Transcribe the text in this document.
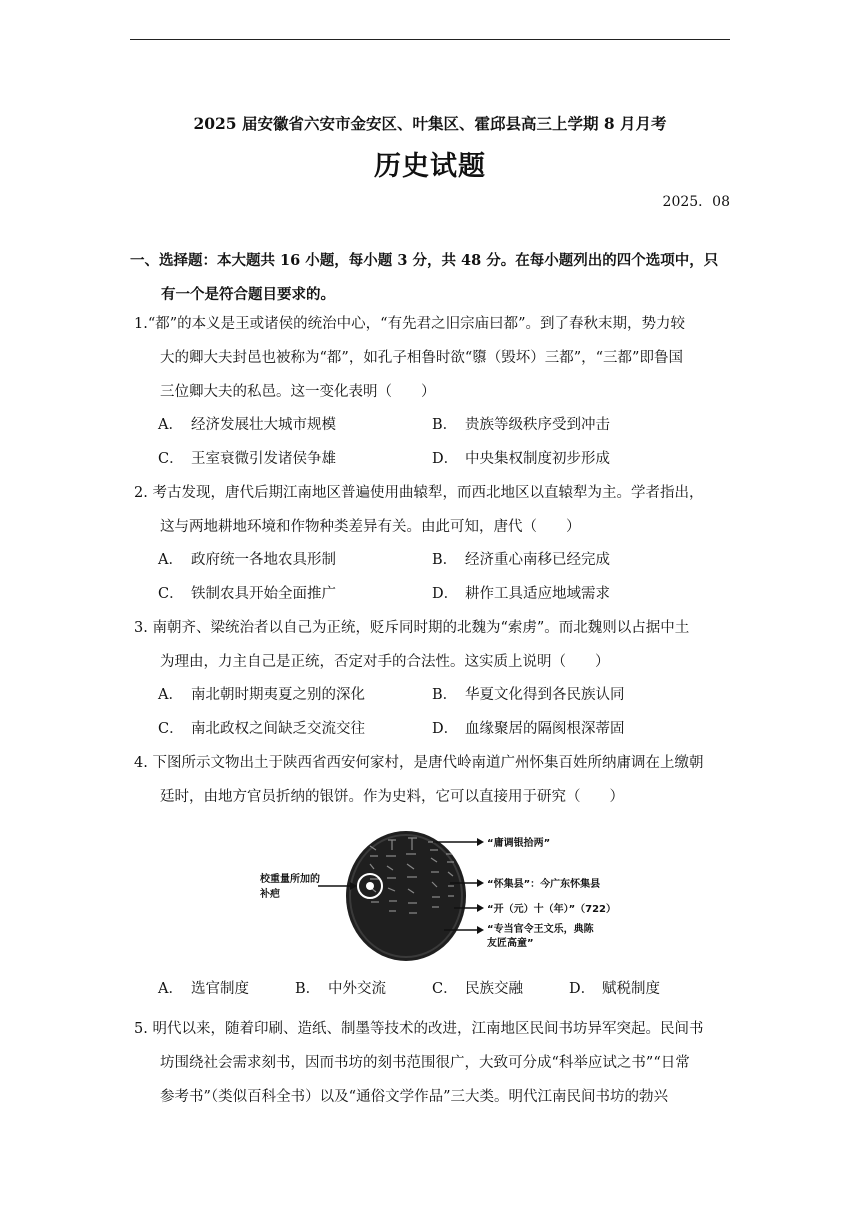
2025 届安徽省六安市金安区、叶集区、霍邱县高三上学期 8 月月考
历史试题
2025．08
一、选择题：本大题共 16 小题，每小题 3 分，共 48 分。在每小题列出的四个选项中，只
有一个是符合题目要求的。
1.“都”的本义是王或诸侯的统治中心，“有先君之旧宗庙曰都”。到了春秋末期，势力较
大的卿大夫封邑也被称为“都”，如孔子相鲁时欲“隳（毁坏）三都”，“三都”即鲁国
三位卿大夫的私邑。这一变化表明（　　）
A． 经济发展壮大城市规模	B． 贵族等级秩序受到冲击
C． 王室衰微引发诸侯争雄	D． 中央集权制度初步形成
2. 考古发现，唐代后期江南地区普遍使用曲辕犁，而西北地区以直辕犁为主。学者指出，
这与两地耕地环境和作物种类差异有关。由此可知，唐代（　　）
A． 政府统一各地农具形制	B． 经济重心南移已经完成
C． 铁制农具开始全面推广	D． 耕作工具适应地域需求
3. 南朝齐、梁统治者以自己为正统，贬斥同时期的北魏为“索虏”。而北魏则以占据中土
为理由，力主自己是正统，否定对手的合法性。这实质上说明（　　）
A． 南北朝时期夷夏之别的深化	B． 华夏文化得到各民族认同
C． 南北政权之间缺乏交流交往	D． 血缘聚居的隔阂根深蒂固
4. 下图所示文物出土于陕西省西安何家村，是唐代岭南道广州怀集百姓所纳庸调在上缴朝
廷时，由地方官员折纳的银饼。作为史料，它可以直接用于研究（　　）
校重量所加的
补疤
“庸调银拾两”
“怀集县”：今广东怀集县
“开（元）十（年）”（722）
“专当官令王文乐，典陈
友匠高童”
A． 选官制度	B． 中外交流	C． 民族交融	D． 赋税制度
5. 明代以来，随着印刷、造纸、制墨等技术的改进，江南地区民间书坊异军突起。民间书
坊围绕社会需求刻书，因而书坊的刻书范围很广，大致可分成“科举应试之书”“日常
参考书”（类似百科全书）以及“通俗文学作品”三大类。明代江南民间书坊的勃兴
